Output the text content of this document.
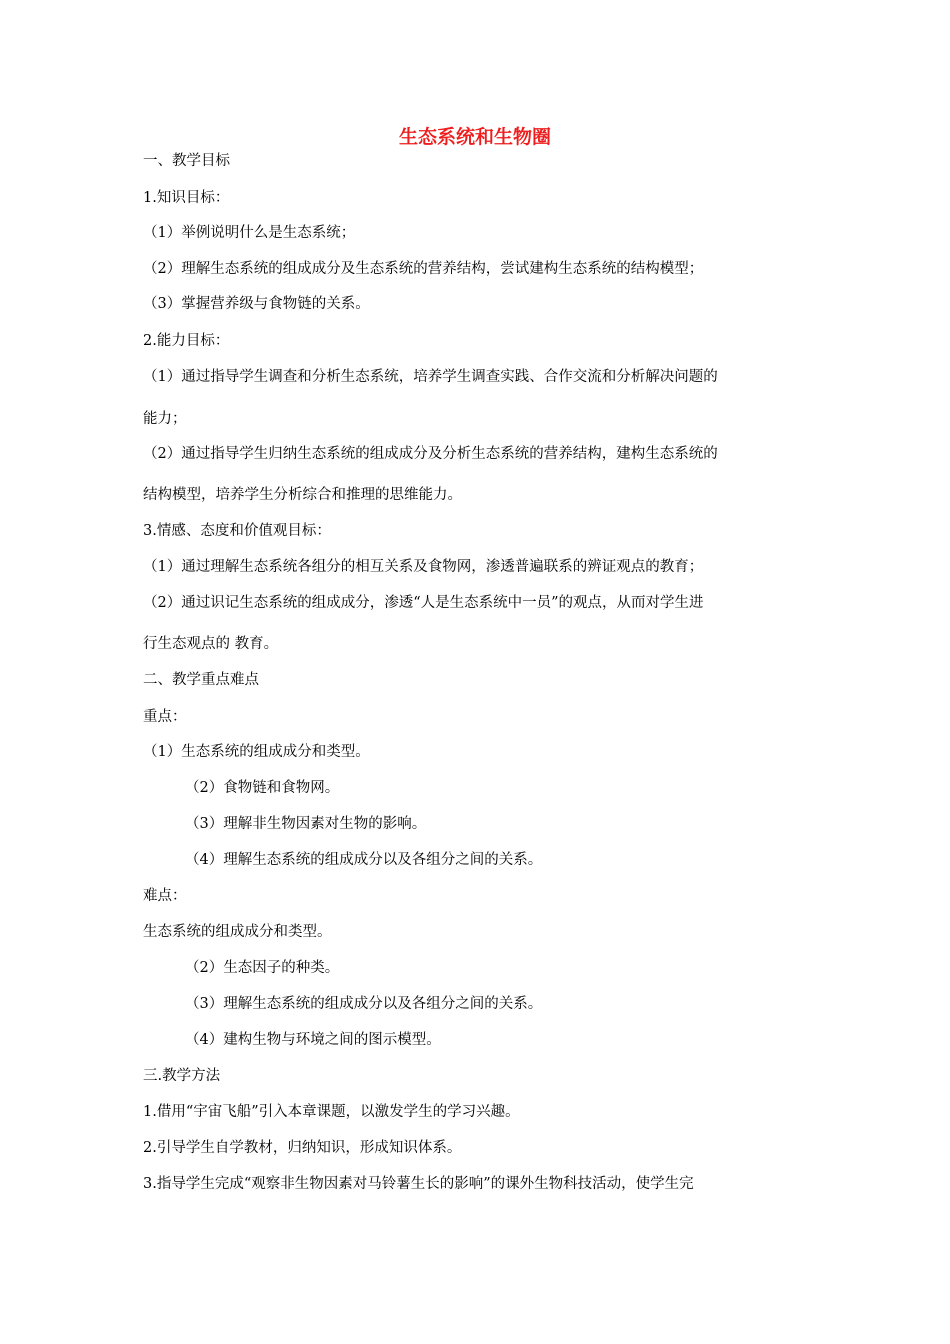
生态系统和生物圈

一、教学目标

1.知识目标：

（1）举例说明什么是生态系统；

（2）理解生态系统的组成成分及生态系统的营养结构，尝试建构生态系统的结构模型；

（3）掌握营养级与食物链的关系。

2.能力目标：

（1）通过指导学生调查和分析生态系统，培养学生调查实践、合作交流和分析解决问题的

能力；

（2）通过指导学生归纳生态系统的组成成分及分析生态系统的营养结构，建构生态系统的

结构模型，培养学生分析综合和推理的思维能力。

3.情感、态度和价值观目标：

（1）通过理解生态系统各组分的相互关系及食物网，渗透普遍联系的辨证观点的教育；

（2）通过识记生态系统的组成成分，渗透“人是生态系统中一员”的观点，从而对学生进

行生态观点的 教育。

二、教学重点难点

重点：

（1）生态系统的组成成分和类型。

（2）食物链和食物网。

（3）理解非生物因素对生物的影响。

（4）理解生态系统的组成成分以及各组分之间的关系。

难点：

生态系统的组成成分和类型。

（2）生态因子的种类。

（3）理解生态系统的组成成分以及各组分之间的关系。

（4）建构生物与环境之间的图示模型。

三.教学方法

1.借用“宇宙飞船”引入本章课题，以激发学生的学习兴趣。

2.引导学生自学教材，归纳知识，形成知识体系。

3.指导学生完成“观察非生物因素对马铃薯生长的影响”的课外生物科技活动，使学生完
